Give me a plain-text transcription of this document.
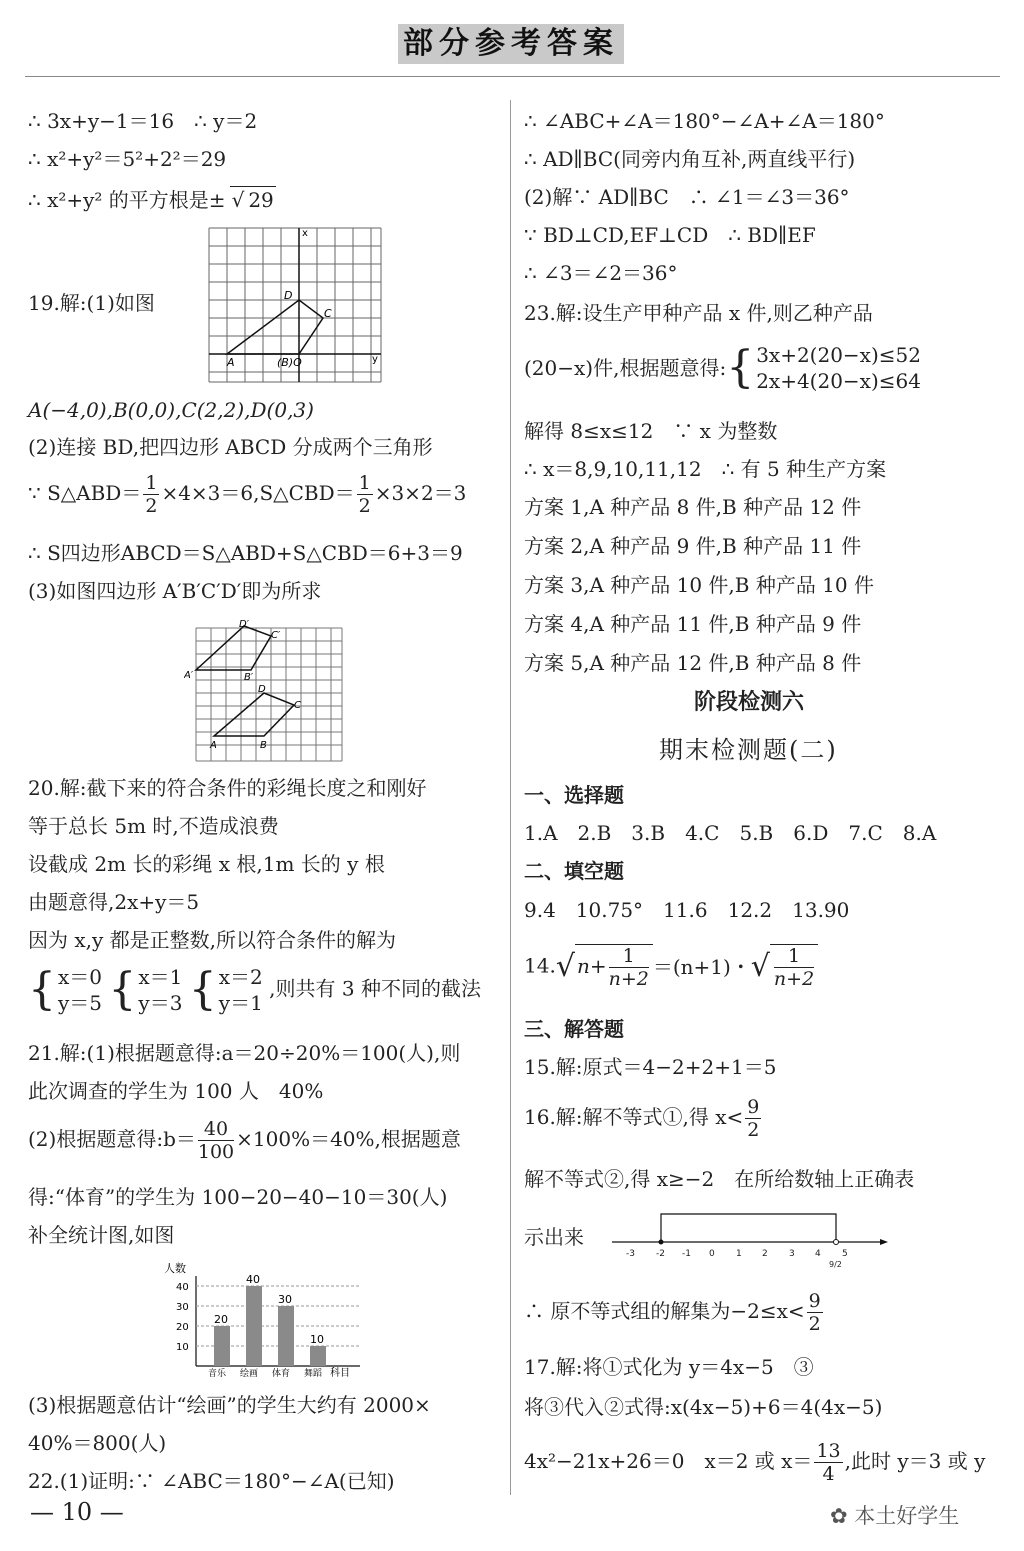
部分参考答案
∴ 3x+y−1＝16　∴ y＝2
∴ x²+y²＝5²+2²＝29
∴ x²+y² 的平方根是± √ 29
x
y
A	(B)O
C
D
19.解:(1)如图
A(−4,0),B(0,0),C(2,2),D(0,3)
(2)连接 BD,把四边形 ABCD 分成两个三角形
∵ S△ABD＝ $\frac{1}{2}$ ×4×3＝6,S△CBD＝ $\frac{1}{2} \times 3\times 2=3$
∴ S四边形ABCD＝S△ABD+S△CBD＝6+3＝9
(3)如图四边形 A′B′C′D′即为所求
A′	B′
C′
D′
A	B
C
D
20.解:截下来的符合条件的彩绳长度之和刚好
等于总长 5m 时,不造成浪费
设截成 2m 长的彩绳 x 根,1m 长的 y 根
由题意得,2x+y＝5
因为 x,y 都是正整数,所以符合条件的解为
{ x＝0
y＝5 { x＝1
y＝3 { x＝2
y＝1
,则共有 3 种不同的截法
21.解:(1)根据题意得:a＝20÷20%＝100(人),则
此次调查的学生为 100 人　40%
(2)根据题意得:b＝ $\frac{40}{100} \times 100\%=40\%$,根据题意
得:“体育”的学生为 100−20−40−10＝30(人)
补全统计图,如图
人数
10
20
30
40
20
音乐
40
绘画
30
体育
10
舞蹈 科目
(3)根据题意估计“绘画”的学生大约有 2000×
40%＝800(人)
22.(1)证明:∵ ∠ABC＝180°−∠A(已知)
∴ ∠ABC+∠A＝180°−∠A+∠A＝180°
∴ AD∥BC(同旁内角互补,两直线平行)
(2)解∵ AD∥BC　∴ ∠1＝∠3＝36°
∵ BD⊥CD,EF⊥CD　∴ BD∥EF
∴ ∠3＝∠2＝36°
23.解:设生产甲种产品 x 件,则乙种产品
(20−x)件,根据题意得:{ 3x+2(20−x)≤52
2x+4(20−x)≤64
解得 8≤x≤12　∵ x 为整数
∴ x＝8,9,10,11,12　∴ 有 5 种生产方案
方案 1,A 种产品 8 件,B 种产品 12 件
方案 2,A 种产品 9 件,B 种产品 11 件
方案 3,A 种产品 10 件,B 种产品 10 件
方案 4,A 种产品 11 件,B 种产品 9 件
方案 5,A 种产品 12 件,B 种产品 8 件
阶段检测六
期末检测题(二)
一、选择题
1.A　2.B　3.B　4.C　5.B　6.D　7.C　8.A
二、填空题
9.4　10.75°　11.6　12.2　13.90
14.√ $n+ \frac{1}{n+2} =(n+1)$・√ $\frac{1}{n+2}$
三、解答题
15.解:原式＝4−2+2+1＝5
16.解:解不等式①,得 $x< \frac{9}{2}$
解不等式②,得 x≥−2　在所给数轴上正确表
示出来
-3 -2 -1 0 1 2 3 4 5
9/2
∴ 原不等式组的解集为$-2\le x< \frac{9}{2}$
17.解:将①式化为 y＝4x−5　③
将③代入②式得:x(4x−5)+6＝4(4x−5)
4x²−21x+26＝0　x＝2 或 $x= \frac{13}{4}$ ,此时 y＝3 或 y
— 10 —	✿ 本土好学生
